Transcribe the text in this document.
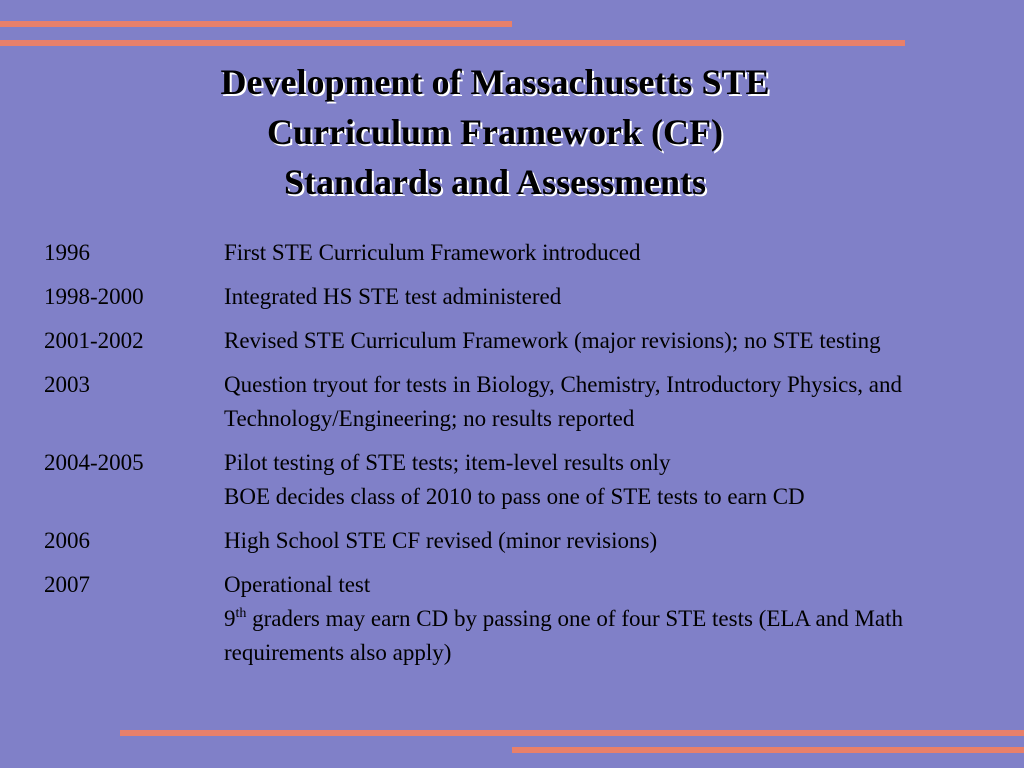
Development of Massachusetts STE
Curriculum Framework (CF)
Standards and Assessments
1996	First STE Curriculum Framework introduced
1998-2000	Integrated HS STE test administered
2001-2002	Revised STE Curriculum Framework (major revisions); no STE testing
2003	Question tryout for tests in Biology, Chemistry, Introductory Physics, and Technology/Engineering; no results reported
2004-2005	Pilot testing of STE tests; item-level results only
BOE decides class of 2010 to pass one of STE tests to earn CD
2006	High School STE CF revised (minor revisions)
2007	Operational test
9th graders may earn CD by passing one of four STE tests (ELA and Math requirements also apply)
